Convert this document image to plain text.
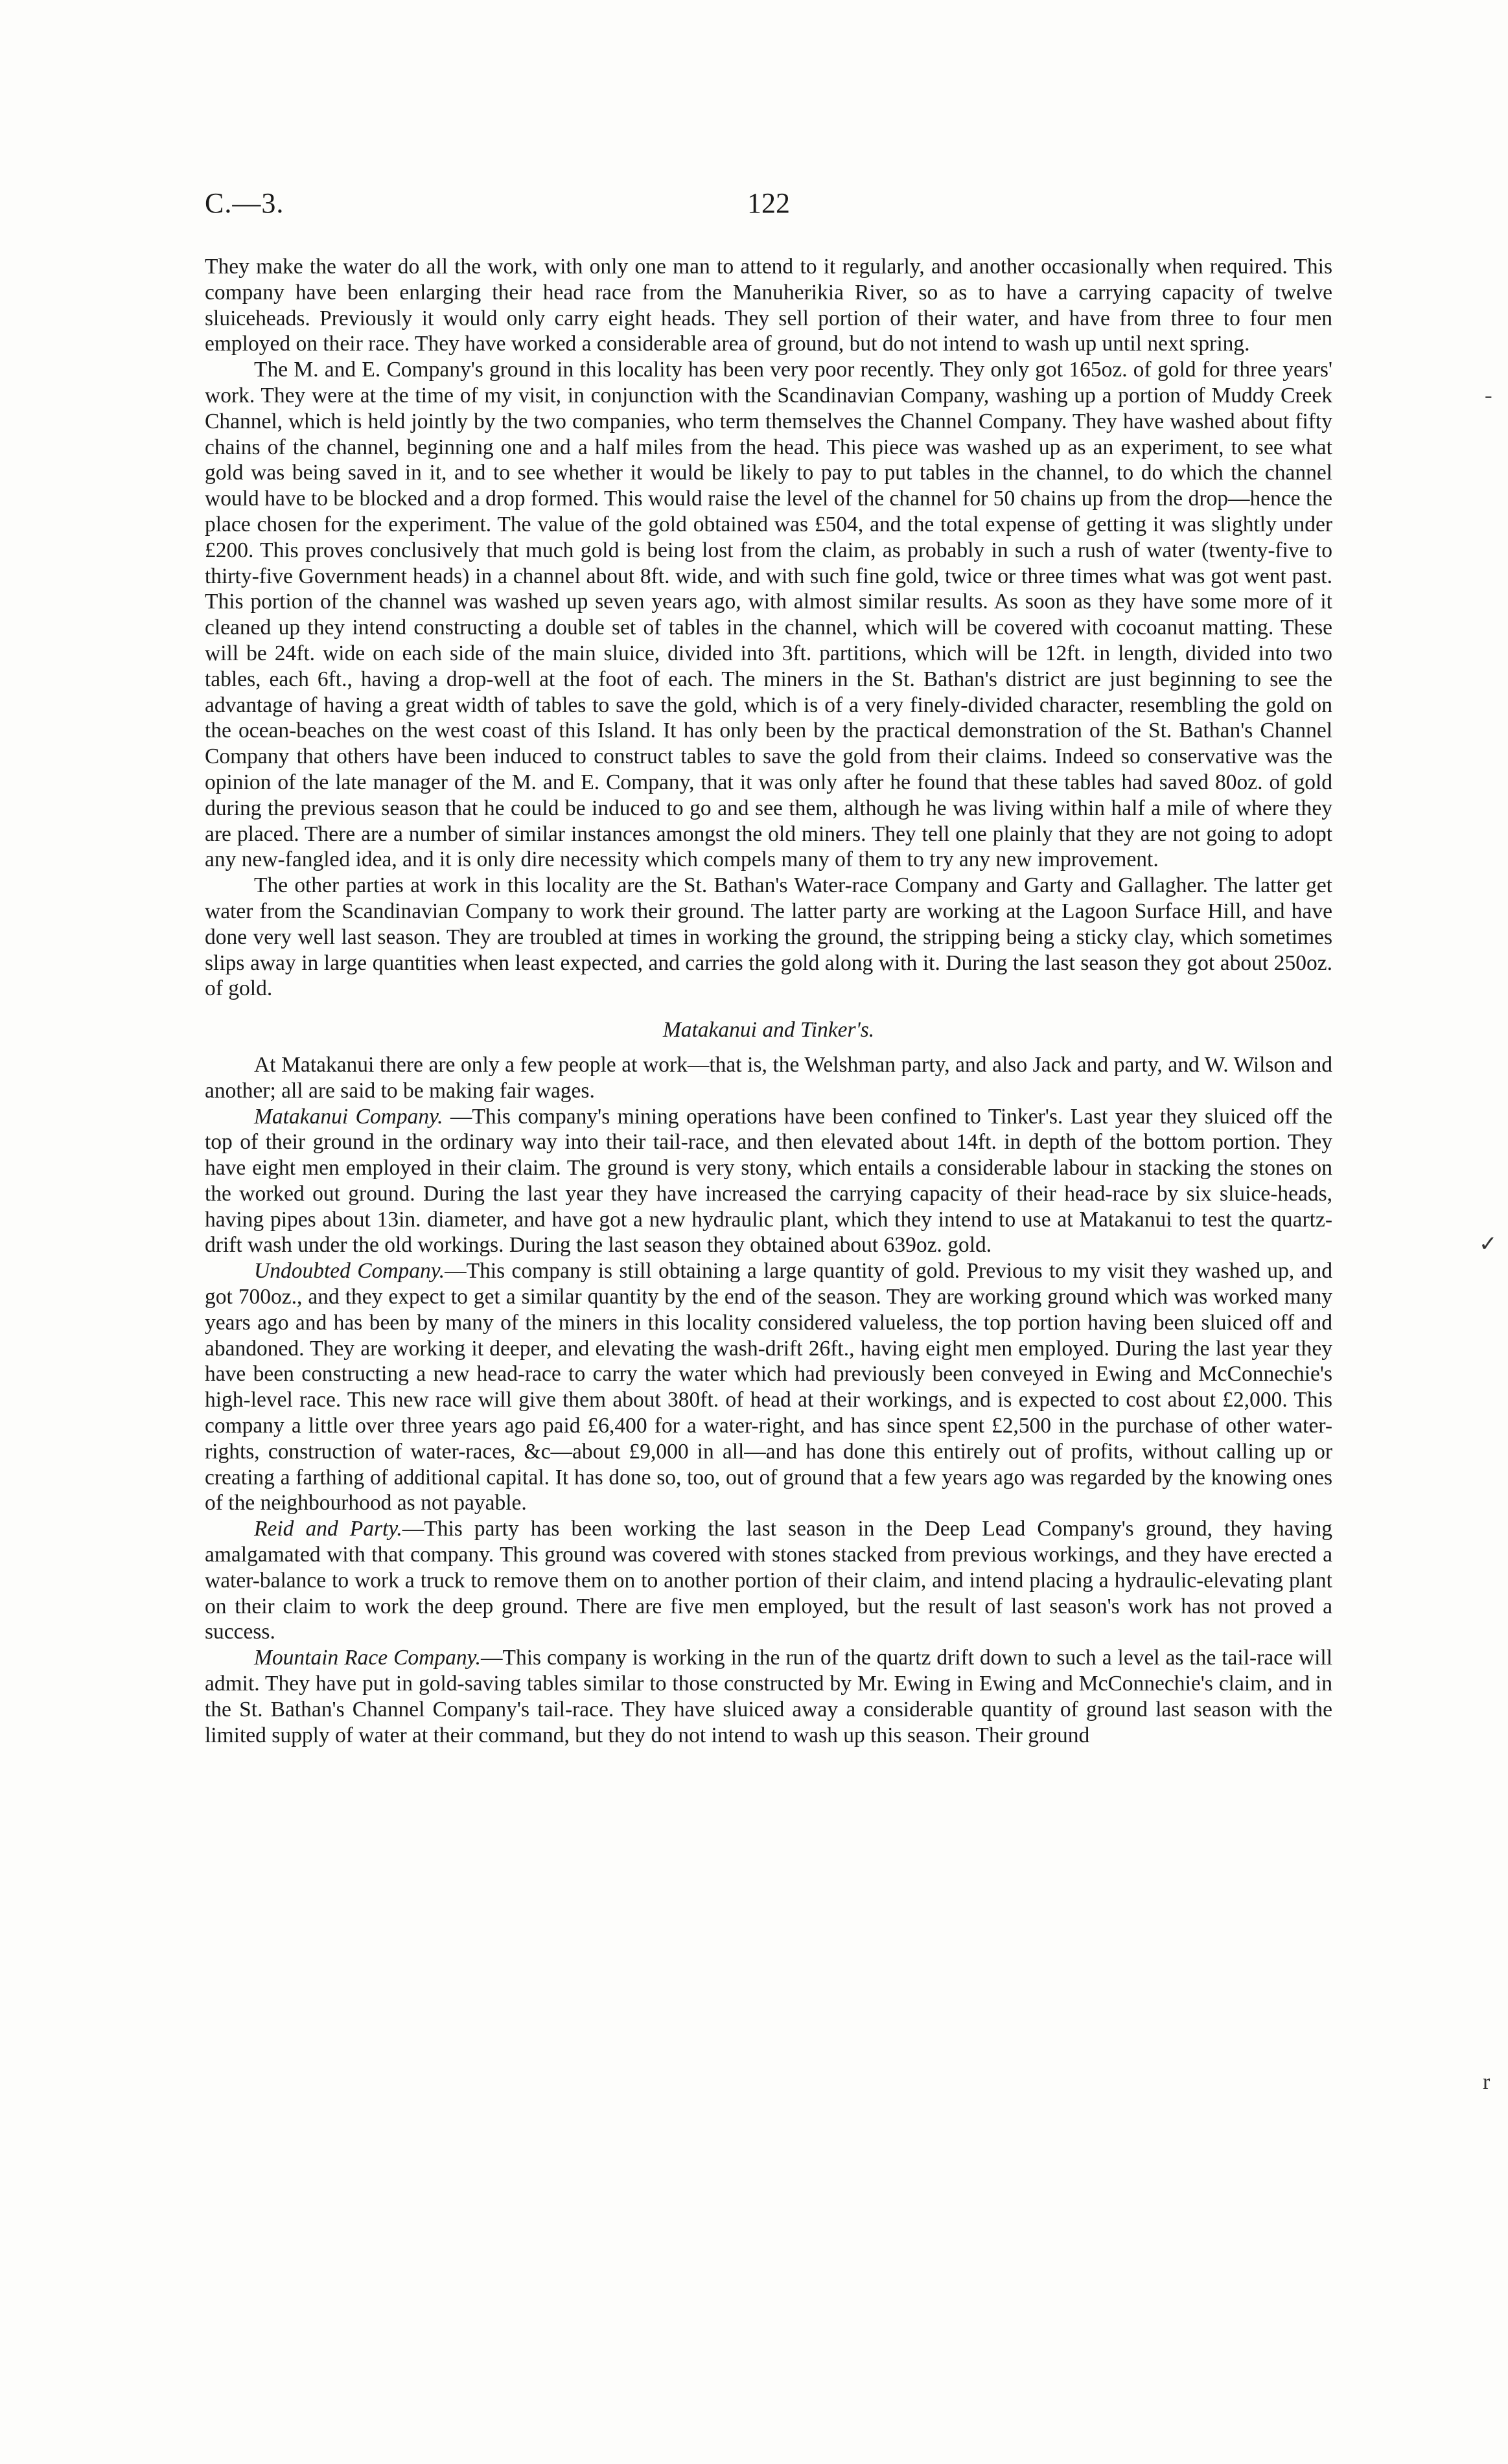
C.—3.	122

They make the water do all the work, with only one man to attend to it regularly, and another occasionally when required. This company have been enlarging their head race from the Manuherikia River, so as to have a carrying capacity of twelve sluiceheads. Previously it would only carry eight heads. They sell portion of their water, and have from three to four men employed on their race. They have worked a considerable area of ground, but do not intend to wash up until next spring.

The M. and E. Company's ground in this locality has been very poor recently. They only got 165oz. of gold for three years' work. They were at the time of my visit, in conjunction with the Scandinavian Company, washing up a portion of Muddy Creek Channel, which is held jointly by the two companies, who term themselves the Channel Company. They have washed about fifty chains of the channel, beginning one and a half miles from the head. This piece was washed up as an experiment, to see what gold was being saved in it, and to see whether it would be likely to pay to put tables in the channel, to do which the channel would have to be blocked and a drop formed. This would raise the level of the channel for 50 chains up from the drop—hence the place chosen for the experiment. The value of the gold obtained was £504, and the total expense of getting it was slightly under £200. This proves conclusively that much gold is being lost from the claim, as probably in such a rush of water (twenty-five to thirty-five Government heads) in a channel about 8ft. wide, and with such fine gold, twice or three times what was got went past. This portion of the channel was washed up seven years ago, with almost similar results. As soon as they have some more of it cleaned up they intend constructing a double set of tables in the channel, which will be covered with cocoanut matting. These will be 24ft. wide on each side of the main sluice, divided into 3ft. partitions, which will be 12ft. in length, divided into two tables, each 6ft., having a drop-well at the foot of each. The miners in the St. Bathan's district are just beginning to see the advantage of having a great width of tables to save the gold, which is of a very finely-divided character, resembling the gold on the ocean-beaches on the west coast of this Island. It has only been by the practical demonstration of the St. Bathan's Channel Company that others have been induced to construct tables to save the gold from their claims. Indeed so conservative was the opinion of the late manager of the M. and E. Company, that it was only after he found that these tables had saved 80oz. of gold during the previous season that he could be induced to go and see them, although he was living within half a mile of where they are placed. There are a number of similar instances amongst the old miners. They tell one plainly that they are not going to adopt any new-fangled idea, and it is only dire necessity which compels many of them to try any new improvement.

The other parties at work in this locality are the St. Bathan's Water-race Company and Garty and Gallagher. The latter get water from the Scandinavian Company to work their ground. The latter party are working at the Lagoon Surface Hill, and have done very well last season. They are troubled at times in working the ground, the stripping being a sticky clay, which sometimes slips away in large quantities when least expected, and carries the gold along with it. During the last season they got about 250oz. of gold.

Matakanui and Tinker's.

At Matakanui there are only a few people at work—that is, the Welshman party, and also Jack and party, and W. Wilson and another; all are said to be making fair wages.

Matakanui Company. —This company's mining operations have been confined to Tinker's. Last year they sluiced off the top of their ground in the ordinary way into their tail-race, and then elevated about 14ft. in depth of the bottom portion. They have eight men employed in their claim. The ground is very stony, which entails a considerable labour in stacking the stones on the worked out ground. During the last year they have increased the carrying capacity of their head-race by six sluice-heads, having pipes about 13in. diameter, and have got a new hydraulic plant, which they intend to use at Matakanui to test the quartz-drift wash under the old workings. During the last season they obtained about 639oz. gold.

Undoubted Company.—This company is still obtaining a large quantity of gold. Previous to my visit they washed up, and got 700oz., and they expect to get a similar quantity by the end of the season. They are working ground which was worked many years ago and has been by many of the miners in this locality considered valueless, the top portion having been sluiced off and abandoned. They are working it deeper, and elevating the wash-drift 26ft., having eight men employed. During the last year they have been constructing a new head-race to carry the water which had previously been conveyed in Ewing and McConnechie's high-level race. This new race will give them about 380ft. of head at their workings, and is expected to cost about £2,000. This company a little over three years ago paid £6,400 for a water-right, and has since spent £2,500 in the purchase of other water-rights, construction of water-races, &c—about £9,000 in all—and has done this entirely out of profits, without calling up or creating a farthing of additional capital. It has done so, too, out of ground that a few years ago was regarded by the knowing ones of the neighbourhood as not payable.

Reid and Party.—This party has been working the last season in the Deep Lead Company's ground, they having amalgamated with that company. This ground was covered with stones stacked from previous workings, and they have erected a water-balance to work a truck to remove them on to another portion of their claim, and intend placing a hydraulic-elevating plant on their claim to work the deep ground. There are five men employed, but the result of last season's work has not proved a success.

Mountain Race Company.—This company is working in the run of the quartz drift down to such a level as the tail-race will admit. They have put in gold-saving tables similar to those constructed by Mr. Ewing in Ewing and McConnechie's claim, and in the St. Bathan's Channel Company's tail-race. They have sluiced away a considerable quantity of ground last season with the limited supply of water at their command, but they do not intend to wash up this season. Their ground

ᐨ
✓
r
